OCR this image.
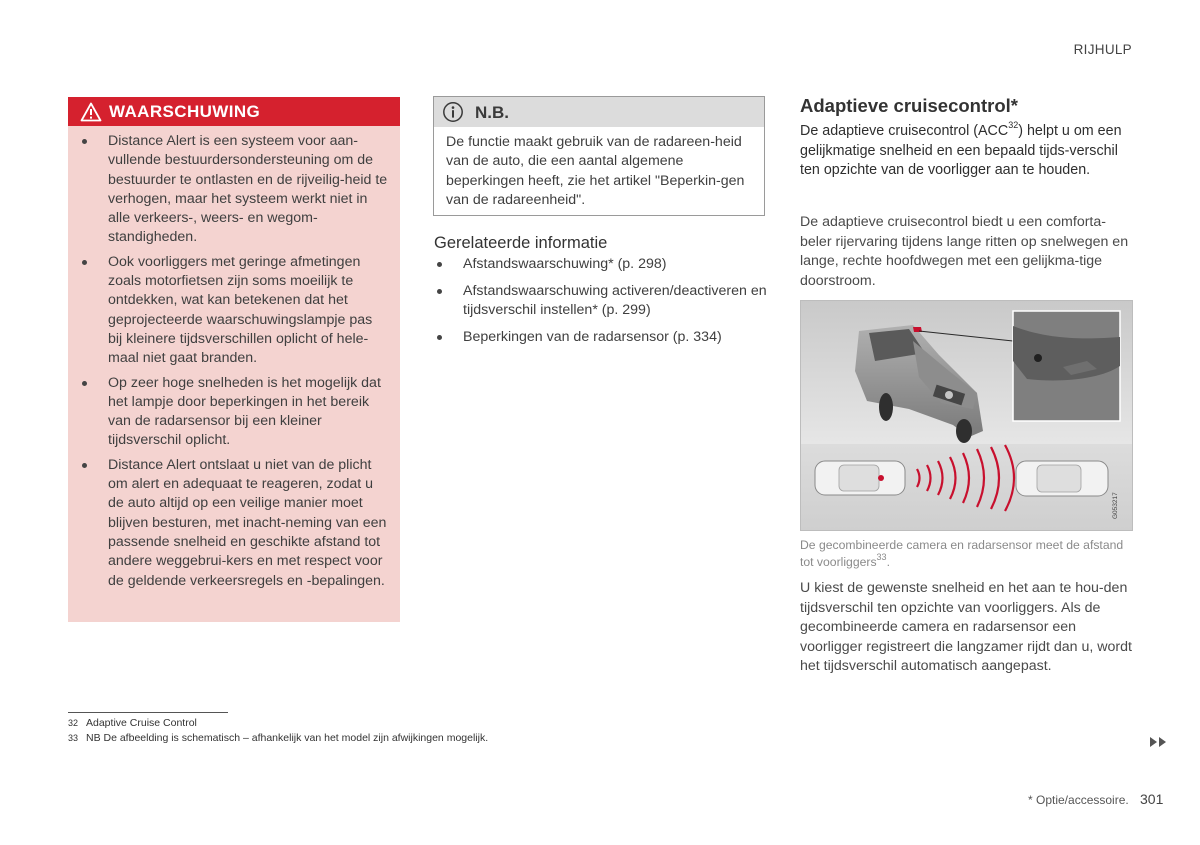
RIJHULP
WAARSCHUWING
Distance Alert is een systeem voor aan-vullende bestuurdersondersteuning om de bestuurder te ontlasten en de rijveilig-heid te verhogen, maar het systeem werkt niet in alle verkeers-, weers- en wegom-standigheden.
Ook voorliggers met geringe afmetingen zoals motorfietsen zijn soms moeilijk te ontdekken, wat kan betekenen dat het geprojecteerde waarschuwingslampje pas bij kleinere tijdsverschillen oplicht of hele-maal niet gaat branden.
Op zeer hoge snelheden is het mogelijk dat het lampje door beperkingen in het bereik van de radarsensor bij een kleiner tijdsverschil oplicht.
Distance Alert ontslaat u niet van de plicht om alert en adequaat te reageren, zodat u de auto altijd op een veilige manier moet blijven besturen, met inacht-neming van een passende snelheid en geschikte afstand tot andere weggebrui-kers en met respect voor de geldende verkeersregels en -bepalingen.
N.B.
De functie maakt gebruik van de radareen-heid van de auto, die een aantal algemene beperkingen heeft, zie het artikel "Beperkin-gen van de radareenheid".
Gerelateerde informatie
Afstandswaarschuwing* (p. 298)
Afstandswaarschuwing activeren/deactiveren en tijdsverschil instellen* (p. 299)
Beperkingen van de radarsensor (p. 334)
Adaptieve cruisecontrol*
De adaptieve cruisecontrol (ACC$^{32}$) helpt u om een gelijkmatige snelheid en een bepaald tijds-verschil ten opzichte van de voorligger aan te houden.
De adaptieve cruisecontrol biedt u een comforta-beler rijervaring tijdens lange ritten op snelwegen en lange, rechte hoofdwegen met een gelijkma-tige doorstroom.
G053217
De gecombineerde camera en radarsensor meet de afstand tot voorliggers$^{33}$.
U kiest de gewenste snelheid en het aan te hou-den tijdsverschil ten opzichte van voorliggers. Als de gecombineerde camera en radarsensor een voorligger registreert die langzamer rijdt dan u, wordt het tijdsverschil automatisch aangepast.
32 Adaptive Cruise Control
33 NB De afbeelding is schematisch – afhankelijk van het model zijn afwijkingen mogelijk.
* Optie/accessoire. 301
